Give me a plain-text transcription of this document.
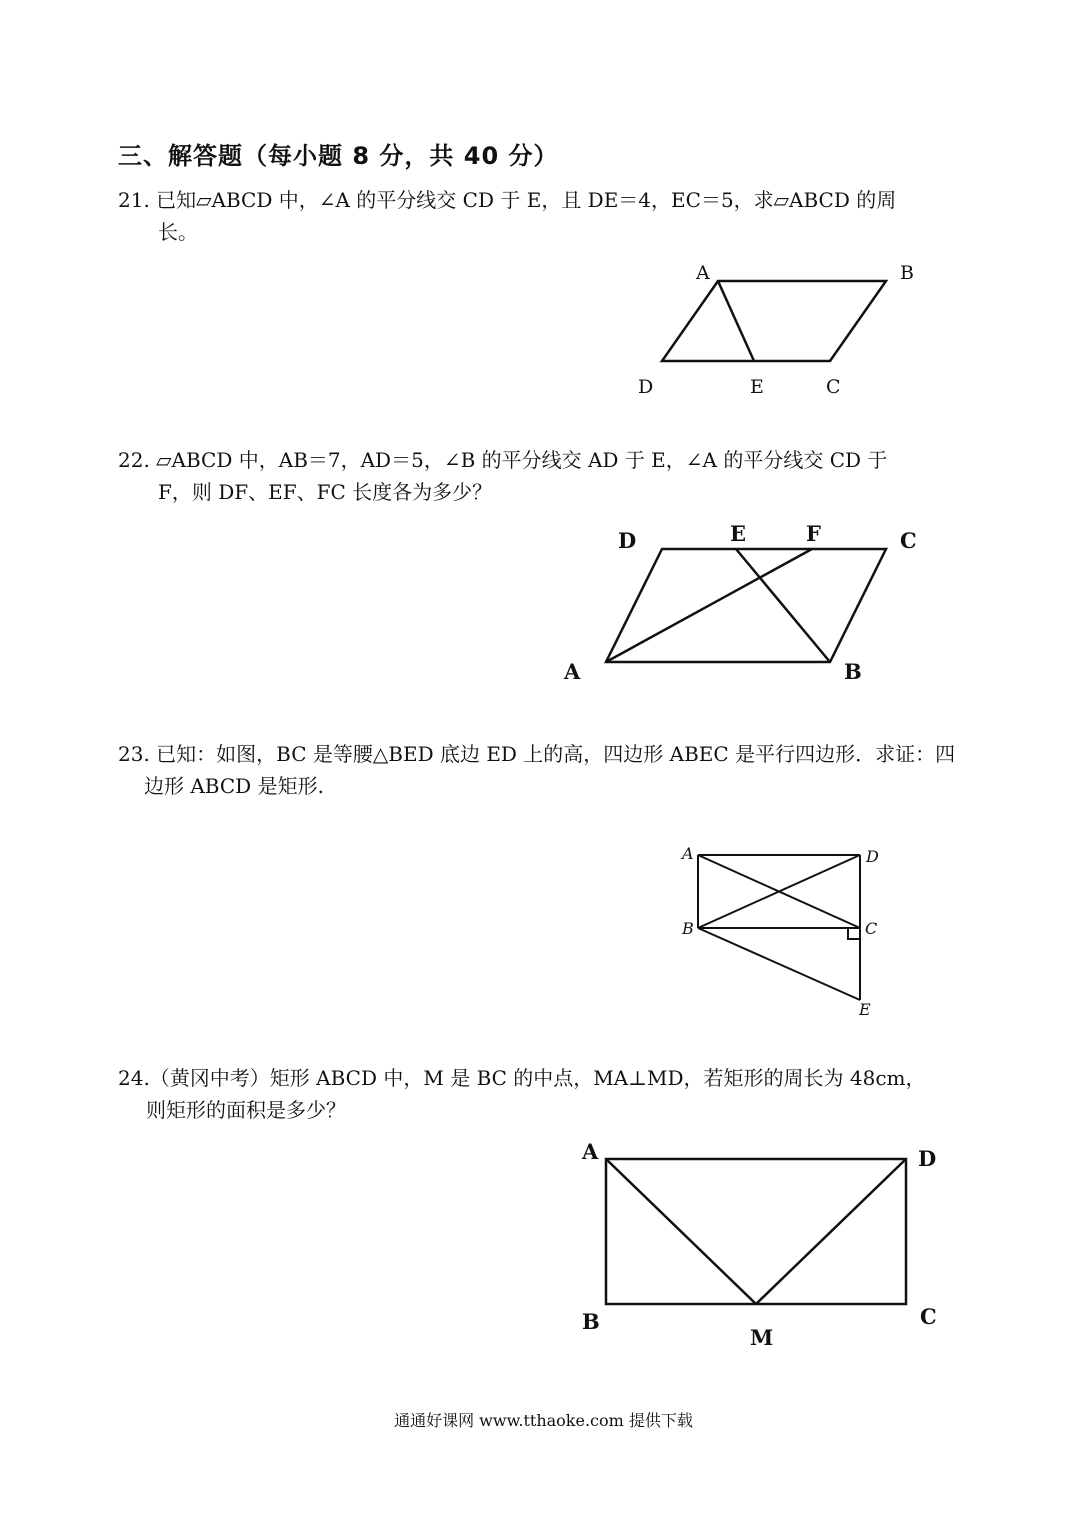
三、解答题（每小题 8 分，共 40 分）
21. 已知▱ABCD 中，∠A 的平分线交 CD 于 E，且 DE＝4，EC＝5，求▱ABCD 的周
长。
A	B
C
D	E
22. ▱ABCD 中，AB＝7，AD＝5，∠B 的平分线交 AD 于 E，∠A 的平分线交 CD 于
F，则 DF、EF、FC 长度各为多少？
D	E	F	C
A	B
23. 已知：如图，BC 是等腰△BED 底边 ED 上的高，四边形 ABEC 是平行四边形．求证：四
边形 ABCD 是矩形.
A	D
B	C
E
24.（黄冈中考）矩形 ABCD 中，M 是 BC 的中点，MA⊥MD，若矩形的周长为 48cm，
则矩形的面积是多少？
A	D
B
M
C
通通好课网 www.tthaoke.com 提供下载
